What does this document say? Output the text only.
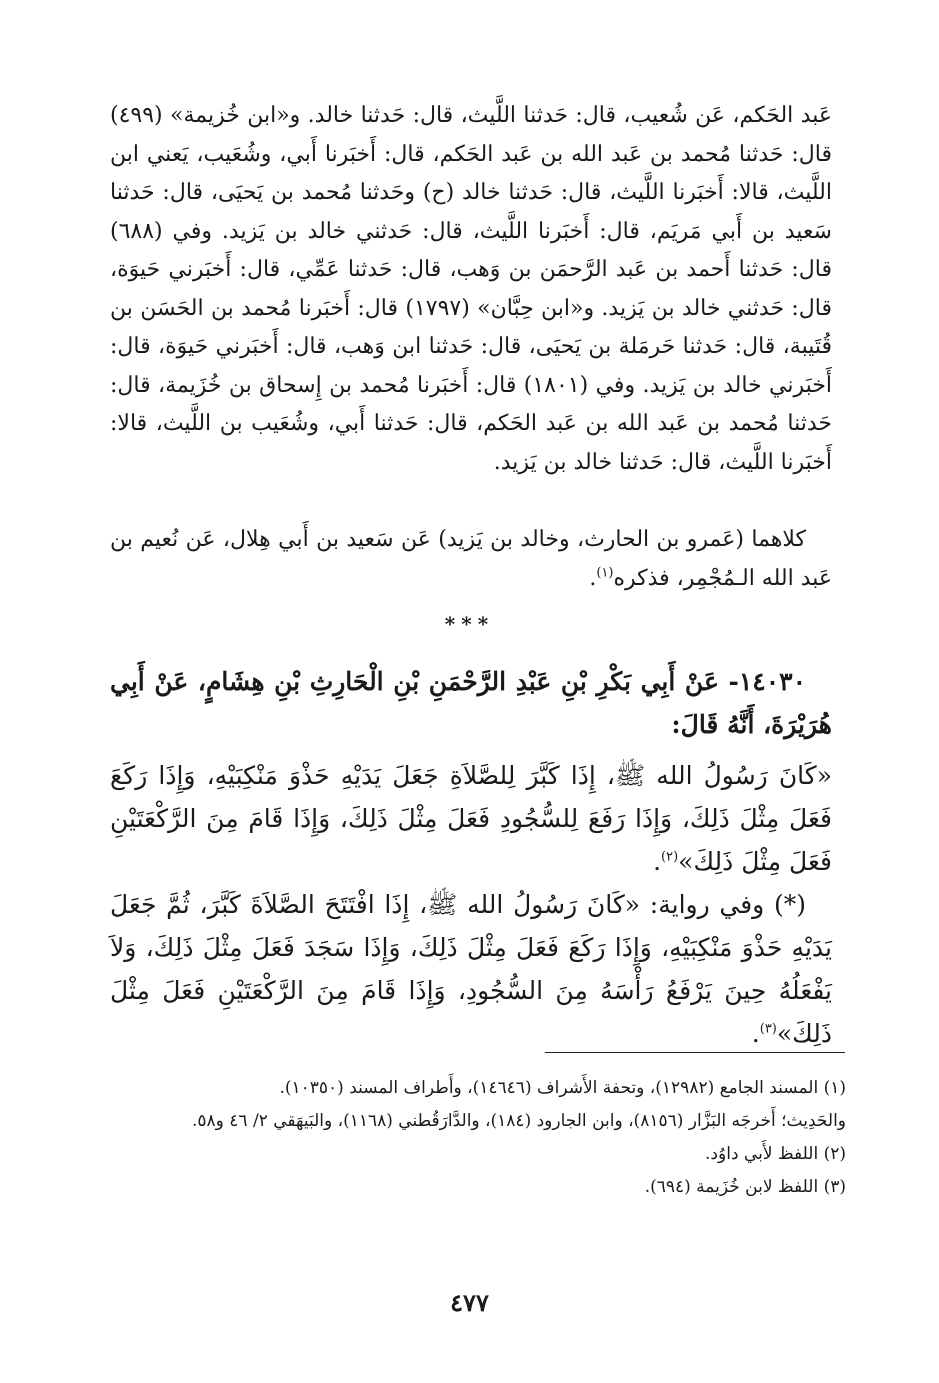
عَبد الحَكم، عَن شُعيب، قال: حَدثنا اللَّيث، قال: حَدثنا خالد. و«ابن خُزيمة» (٤٩٩) قال: حَدثنا مُحمد بن عَبد الله بن عَبد الحَكم، قال: أَخبَرنا أَبي، وشُعَيب، يَعني ابن اللَّيث، قالا: أَخبَرنا اللَّيث، قال: حَدثنا خالد (ح) وحَدثنا مُحمد بن يَحيَى، قال: حَدثنا سَعيد بن أَبي مَريَم، قال: أَخبَرنا اللَّيث، قال: حَدثني خالد بن يَزيد. وفي (٦٨٨) قال: حَدثنا أَحمد بن عَبد الرَّحمَن بن وَهب، قال: حَدثنا عَمِّي، قال: أَخبَرني حَيوَة، قال: حَدثني خالد بن يَزيد. و«ابن حِبَّان» (١٧٩٧) قال: أَخبَرنا مُحمد بن الحَسَن بن قُتَيبة، قال: حَدثنا حَرمَلة بن يَحيَى، قال: حَدثنا ابن وَهب، قال: أَخبَرني حَيوَة، قال: أَخبَرني خالد بن يَزيد. وفي (١٨٠١) قال: أَخبَرنا مُحمد بن إِسحاق بن خُزَيمة، قال: حَدثنا مُحمد بن عَبد الله بن عَبد الحَكم، قال: حَدثنا أَبي، وشُعَيب بن اللَّيث، قالا: أَخبَرنا اللَّيث، قال: حَدثنا خالد بن يَزيد.

كلاهما (عَمرو بن الحارث، وخالد بن يَزيد) عَن سَعيد بن أَبي هِلال، عَن نُعيم بن عَبد الله الـمُجْمِر، فذكره$^{(١)}$.

***

١٤٠٣٠- عَنْ أَبِي بَكْرِ بْنِ عَبْدِ الرَّحْمَنِ بْنِ الْحَارِثِ بْنِ هِشَامٍ، عَنْ أَبِي هُرَيْرَةَ، أَنَّهُ قَالَ:

«كَانَ رَسُولُ الله ﷺ، إِذَا كَبَّرَ لِلصَّلاَةِ جَعَلَ يَدَيْهِ حَذْوَ مَنْكِبَيْهِ، وَإِذَا رَكَعَ فَعَلَ مِثْلَ ذَلِكَ، وَإِذَا رَفَعَ لِلسُّجُودِ فَعَلَ مِثْلَ ذَلِكَ، وَإِذَا قَامَ مِنَ الرَّكْعَتَيْنِ فَعَلَ مِثْلَ ذَلِكَ»$^{(٢)}$.

(*) وفي رواية: «كَانَ رَسُولُ الله ﷺ، إِذَا افْتَتَحَ الصَّلاَةَ كَبَّرَ، ثُمَّ جَعَلَ يَدَيْهِ حَذْوَ مَنْكِبَيْهِ، وَإِذَا رَكَعَ فَعَلَ مِثْلَ ذَلِكَ، وَإِذَا سَجَدَ فَعَلَ مِثْلَ ذَلِكَ، وَلاَ يَفْعَلُهُ حِينَ يَرْفَعُ رَأْسَهُ مِنَ السُّجُودِ، وَإِذَا قَامَ مِنَ الرَّكْعَتَيْنِ فَعَلَ مِثْلَ ذَلِكَ»$^{(٣)}$.

(١) المسند الجامع (١٢٩٨٢)، وتحفة الأَشراف (١٤٦٤٦)، وأَطراف المسند (١٠٣٥٠).

والحَدِيث؛ أَخرجَه البَزَّار (٨١٥٦)، وابن الجارود (١٨٤)، والدَّارَقُطني (١١٦٨)، والبَيهَقي ٢/ ٤٦ و٥٨.

(٢) اللفظ لأَبي داوُد.

(٣) اللفظ لابن خُزَيمة (٦٩٤).

٤٧٧
